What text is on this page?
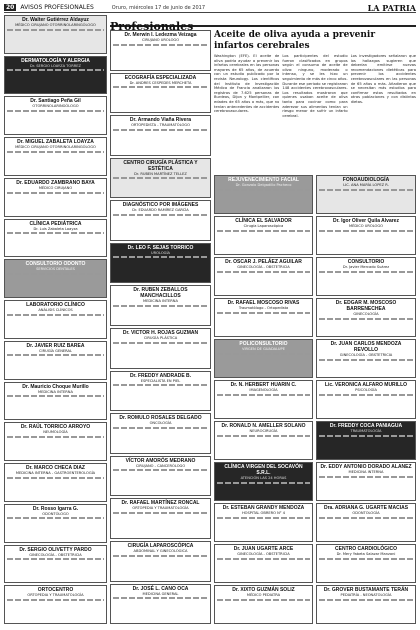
20	AVISOS PROFESIONALES	Oruro, miércoles 17 de junio de 2017	LA PATRIA
Profesionales
Aceite de oliva ayuda a prevenir infartos cerebrales
Washington (EFE). El aceite de oliva podría ayudar a prevenir los infartos cerebrales en las personas mayores de 65 años, de acuerdo con un estudio publicado por la revista Neurology. Los científicos del Instituto de Investigación Médica de Francia analizaron los registros de 7.625 personas de Burdeos, Dijon y Montpellier, con edades de 65 años o más, que no tenían antecedentes de accidentes cerebrovasculares.
Los participentes del estudio fueron clasificados en grupos según el consumo de aceite de oliva: ninguno, moderado o intenso, y se les hizo un seguimiento de más de cinco años. Durante ese periodo se registraron 148 accidentes cerebrovasculares. Los resultados mostraron que quienes usaban aceite de oliva tanto para cocinar como para aderezar sus alimentos tenían un riesgo menor de sufrir un infarto cerebral.
Los investigadores señalaron que los hallazgos sugieren que deberían emitirse nuevas recomendaciones dietéticas para prevenir los accidentes cerebrovasculares en las personas de 65 años o más. Añadieron que se necesitan más estudios para confirmar estos resultados en otras poblaciones y con distintas dietas.
Dr. Walter Gutiérrez Aldayuz
MÉDICO CIRUJANO OTORRINOLARINGÓLOGO
DERMATOLOGÍA Y ALERGIA
Dr. SERGIO LOAYZA TORREZ
Dr. Santiago Peña Gil
OTORRINOLARINGÓLOGO
Dr. MIGUEL ZABALETA LOAYZA
MÉDICO CIRUJANO OTORRINOLARINGÓLOGO
Dr. EDUARDO ZAMBRANO BAYA
MÉDICO CIRUJANO
CLÍNICA PEDIÁTRICA
Dr. Luis Zabaleta Loayza
CONSULTORIO ODONTO
SERVICIOS DENTALES
LABORATORIO CLÍNICO
ANÁLISIS CLÍNICOS
Dr. JAVIER RUIZ BAREA
CIRUGÍA GENERAL
Dr. Mauricio Choque Murillo
MEDICINA INTERNA
Dr. RAÚL TORRICO ARROYO
NEUMOLOGÍA
Dr. MARCO CHECA DIAZ
MEDICINA INTERNA - GASTROENTEROLOGÍA
Dr. Rosso Igarra G.
ODONTÓLOGO
Dr. SERGIO OLIVETTY PARDO
GINECOLOGÍA - OBSTETRICIA
ORTOCENTRO
ORTOPEDIA Y TRAUMATOLOGÍA
Dr. Merwin I. Ledezma Veizaga
CIRUJANO UROLOGO
ECOGRAFÍA ESPECIALIZADA
Dr. ANDRES CESPEDES MERCHETA
Dr. Armando Viaña Rivera
ORTOPEDISTA - TRAUMATÓLOGO
CENTRO CIRUGÍA PLÁSTICA Y ESTÉTICA
Dr. RUBEN MARTÍNEZ TELLEZ
DIAGNÓSTICO POR IMÁGENES
Dr. EDUARDO RAMÍREZ GARCÍA
Dr. LEO F. SEJAS TORRICO
UROLOGÍA
Dr. RUBEN ZEBALLOS MANCHACILLOS
MEDICINA INTERNA
Dr. VICTOR H. ROJAS GUZMAN
CIRUGÍA PLÁSTICA
Dr. FREDDY ANDRADE B.
ESPECIALISTA EN PIEL
Dr. ROMULO ROSALES DELGADO
ONCOLOGÍA
VÍCTOR AMORÓS MEDRANO
CIRUJANO - CANCERÓLOGO
Dr. RAFAEL MARTÍNEZ RONCAL
ORTOPEDIA Y TRAUMATOLOGÍA
CIRUGÍA LAPAROSCÓPICA
ABDOMINAL Y GINECOLÓGICA
Dr. JOSÉ L. CANO OCA
MEDICINA GENERAL
REJUVENECIMIENTO FACIAL
Dr. Gonzalo Delgadillo Pacheco
CLÍNICA EL SALVADOR
Cirugía Laparoscópica
Dr. OSCAR J. PELÁEZ AGUILAR
GINECOLOGÍA - OBSTETRICIA
Dr. RAFAEL MOSCOSO RIVAS
Traumatólogo - Ortopedista
POLICONSULTORIO
VIRGEN DE GUADALUPE
Dr. N. HERBERT HUARIN C.
IMAGENOLOGÍA
Dr. RONALD N. AMELLER SOLANO
NEUROCIRUGÍA
CLÍNICA VIRGEN DEL SOCAVÓN S.R.L.
ATENCIÓN LAS 24 HORAS
Dr. ESTEBAN GRANDY MENDOZA
HOSPITAL OBRERO N° 4
Dr. JUAN UGARTE ARCE
GINECOLOGÍA - OBSTETRICIA
Dr. XIXTO GUZMÁN SOLIZ
MÉDICO PEDIATRA
FONOAUDIOLOGÍA
LIC. ANA MARÍA LOPEZ R.
Dr. Igor Oliver Quila Alvarez
MÉDICO UROLOGO
CONSULTORIO
Dr. Javier Mercado Suárez
Dr. EDGAR M. MOSCOSO BARRENECHEA
GINECOLOGÍA
Dr. JUAN CARLOS MENDOZA REVOLLO
GINECOLOGÍA - OBSTETRICIA
Lic. VERONICA ALFARO MURILLO
PSICOLOGÍA
Dr. FREDDY COCA PANIAGUA
TRAUMATOLOGÍA
Dr. EDDY ANTONIO DORADO ALANEZ
MEDICINA INTERNA
Dra. ADRIANA G. UGARTE MACIAS
ODONTOLOGÍA
CENTRO CARDIOLÓGICO
Dr. Mery Yabeta Salazar Manzani
Dr. GROVER BUSTAMANTE TERÁN
PEDIATRÍA - NEONATOLOGÍA
